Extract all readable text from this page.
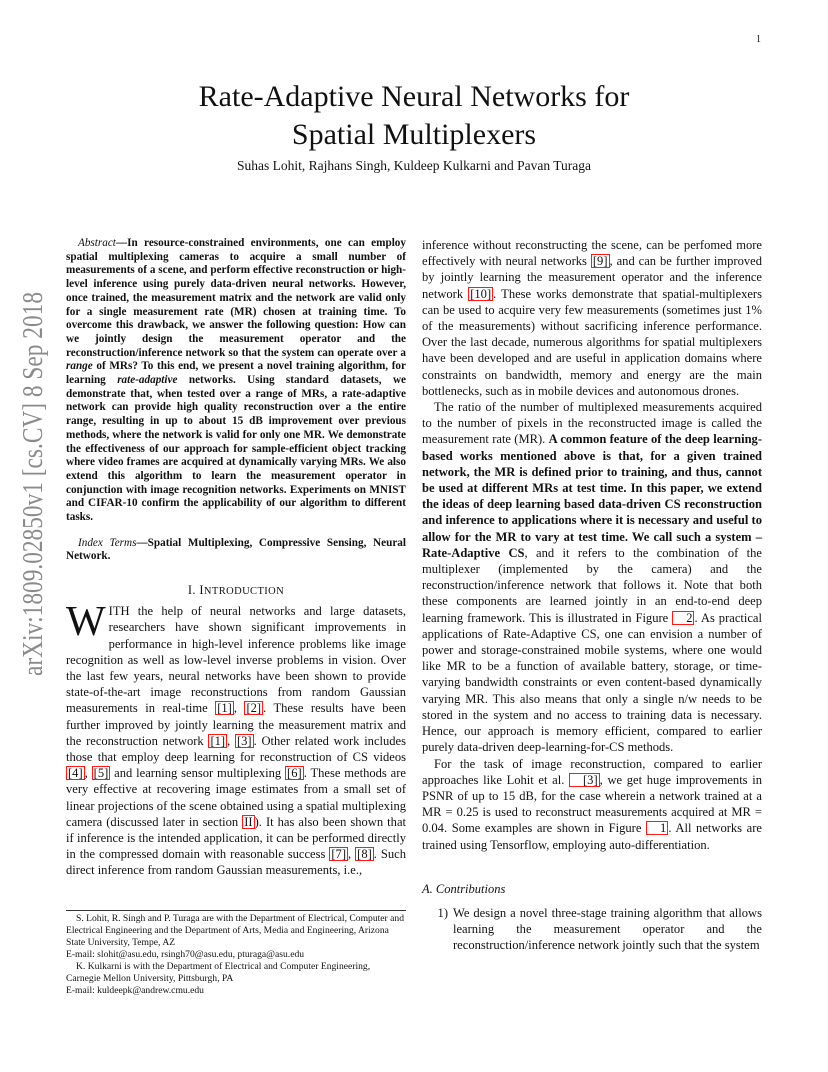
1
arXiv:1809.02850v1 [cs.CV] 8 Sep 2018
Rate-Adaptive Neural Networks for
Spatial Multiplexers
Suhas Lohit, Rajhans Singh, Kuldeep Kulkarni and Pavan Turaga
Abstract—In resource-constrained environments, one can employ spatial multiplexing cameras to acquire a small number of measurements of a scene, and perform effective reconstruction or high-level inference using purely data-driven neural networks. However, once trained, the measurement matrix and the network are valid only for a single measurement rate (MR) chosen at training time. To overcome this drawback, we answer the following question: How can we jointly design the measurement operator and the reconstruction/inference network so that the system can operate over a range of MRs? To this end, we present a novel training algorithm, for learning rate-adaptive networks. Using standard datasets, we demonstrate that, when tested over a range of MRs, a rate-adaptive network can provide high quality reconstruction over a the entire range, resulting in up to about 15 dB improvement over previous methods, where the network is valid for only one MR. We demonstrate the effectiveness of our approach for sample-efficient object tracking where video frames are acquired at dynamically varying MRs. We also extend this algorithm to learn the measurement operator in conjunction with image recognition networks. Experiments on MNIST and CIFAR-10 confirm the applicability of our algorithm to different tasks.
Index Terms—Spatial Multiplexing, Compressive Sensing, Neural Network.
I. INTRODUCTION

WITH the help of neural networks and large datasets, researchers have shown significant improvements in performance in high-level inference problems like image recognition as well as low-level inverse problems in vision. Over the last few years, neural networks have been shown to provide state-of-the-art image reconstructions from random Gaussian measurements in real-time [1] , [2] . These results have been further improved by jointly learning the measurement matrix and the reconstruction network [1] , [3] . Other related work includes those that employ deep learning for reconstruction of CS videos [4] , [5] and learning sensor multiplexing [6] . These methods are very effective at recovering image estimates from a small set of linear projections of the scene obtained using a spatial multiplexing camera (discussed later in section II ). It has also been shown that if inference is the intended application, it can be performed directly in the compressed domain with reasonable success [7] , [8] . Such direct inference from random Gaussian measurements, i.e.,

S. Lohit, R. Singh and P. Turaga are with the Department of Electrical, Computer and Electrical Engineering and the Department of Arts, Media and Engineering, Arizona State University, Tempe, AZ
E-mail: slohit@asu.edu, rsingh70@asu.edu, pturaga@asu.edu

K. Kulkarni is with the Department of Electrical and Computer Engineering, Carnegie Mellon University, Pittsburgh, PA
E-mail: kuldeepk@andrew.cmu.edu

inference without reconstructing the scene, can be perfomed more effectively with neural networks [9] , and can be further improved by jointly learning the measurement operator and the inference network [10] . These works demonstrate that spatial-multiplexers can be used to acquire very few measurements (sometimes just 1% of the measurements) without sacrificing inference performance. Over the last decade, numerous algorithms for spatial multiplexers have been developed and are useful in application domains where constraints on bandwidth, memory and energy are the main bottlenecks, such as in mobile devices and autonomous drones.

The ratio of the number of multiplexed measurements acquired to the number of pixels in the reconstructed image is called the measurement rate (MR). A common feature of the deep learning-based works mentioned above is that, for a given trained network, the MR is defined prior to training, and thus, cannot be used at different MRs at test time. In this paper, we extend the ideas of deep learning based data-driven CS reconstruction and inference to applications where it is necessary and useful to allow for the MR to vary at test time. We call such a system – Rate-Adaptive CS, and it refers to the combination of the multiplexer (implemented by the camera) and the reconstruction/inference network that follows it. Note that both these components are learned jointly in an end-to-end deep learning framework. This is illustrated in Figure 2 . As practical applications of Rate-Adaptive CS, one can envision a number of power and storage-constrained mobile systems, where one would like MR to be a function of available battery, storage, or time-varying bandwidth constraints or even content-based dynamically varying MR. This also means that only a single n/w needs to be stored in the system and no access to training data is necessary. Hence, our approach is memory efficient, compared to earlier purely data-driven deep-learning-for-CS methods.

For the task of image reconstruction, compared to earlier approaches like Lohit et al. [3] , we get huge improvements in PSNR of up to 15 dB, for the case wherein a network trained at a MR = 0.25 is used to reconstruct measurements acquired at MR = 0.04. Some examples are shown in Figure 1 . All networks are trained using Tensorflow, employing auto-differentiation.

A. Contributions
1) We design a novel three-stage training algorithm that allows learning the measurement operator and the reconstruction/inference network jointly such that the system
